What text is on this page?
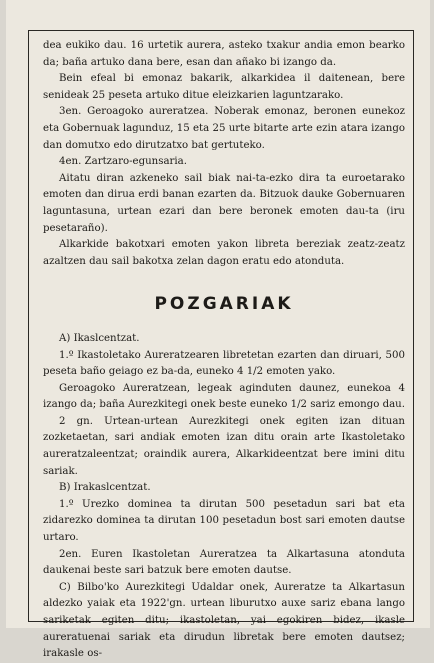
dea eukiko dau. 16 urtetik aurera, asteko txakur andia emon bearko da; baña artuko dana bere, esan dan añako bi izango da.

Bein efeal bi emonaz bakarik, alkarkidea il daitenean, bere senideak 25 peseta artuko ditue eleizkarien laguntzarako.

3en. Geroagoko aureratzea. Noberak emonaz, beronen eunekoz eta Gobernuak lagunduz, 15 eta 25 urte bitarte arte ezin atara izango dan domutxo edo dirutzatxo bat gertuteko.

4en. Zartzaro-egunsaria.

Aitatu diran azkeneko sail biak nai-ta-ezko dira ta euroetarako emoten dan dirua erdi banan ezarten da. Bitzuok dauke Gobernuaren laguntasuna, urtean ezari dan bere beronek emoten dau-ta (iru pesetaraño).

Alkarkide bakotxari emoten yakon libreta bereziak zeatz-zeatz azaltzen dau sail bakotxa zelan dagon eratu edo atonduta.

POZGARIAK

A) Ikaslcentzat.

1.º Ikastoletako Aureratzearen libretetan ezarten dan diruari, 500 pesetа baño geiago ez ba-da, euneko 4 1/2 emoten yako.

Geroagoko Aureratzean, legeak aginduten daunez, eunekoa 4 izango da; baña Aurezkitegi onek beste euneko 1/2 sariz emongo dau.

2 gn. Urtean-urtean Aurezkitegi onek egiten izan dituan zozketaetan, sari andiak emoten izan ditu orain arte Ikastoletako aureratzaleentzat; oraindik aurera, Alkarkideentzat bere imini ditu sariak.

B) Irakaslcentzat.

1.º Urezko dominea ta dirutan 500 pesetadun sari bat eta zidarezko dominea ta dirutan 100 pesetadun bost sari emoten dautse urtaro.

2en. Euren Ikastoletan Aureratzea ta Alkartasuna atonduta daukenai beste sari batzuk bere emoten dautse.

C) Bilbo'ko Aurezkitegi Udaldar onek, Aureratze ta Alkartasun aldezko yaiak eta 1922'gn. urtean liburutxo auxe sariz ebana lango sariketak egiten ditu; ikastoletan, yai egokiren bidez, ikasle aureratuenai sariak eta dirudun libretak bere emoten dautsez; irakasle os-
